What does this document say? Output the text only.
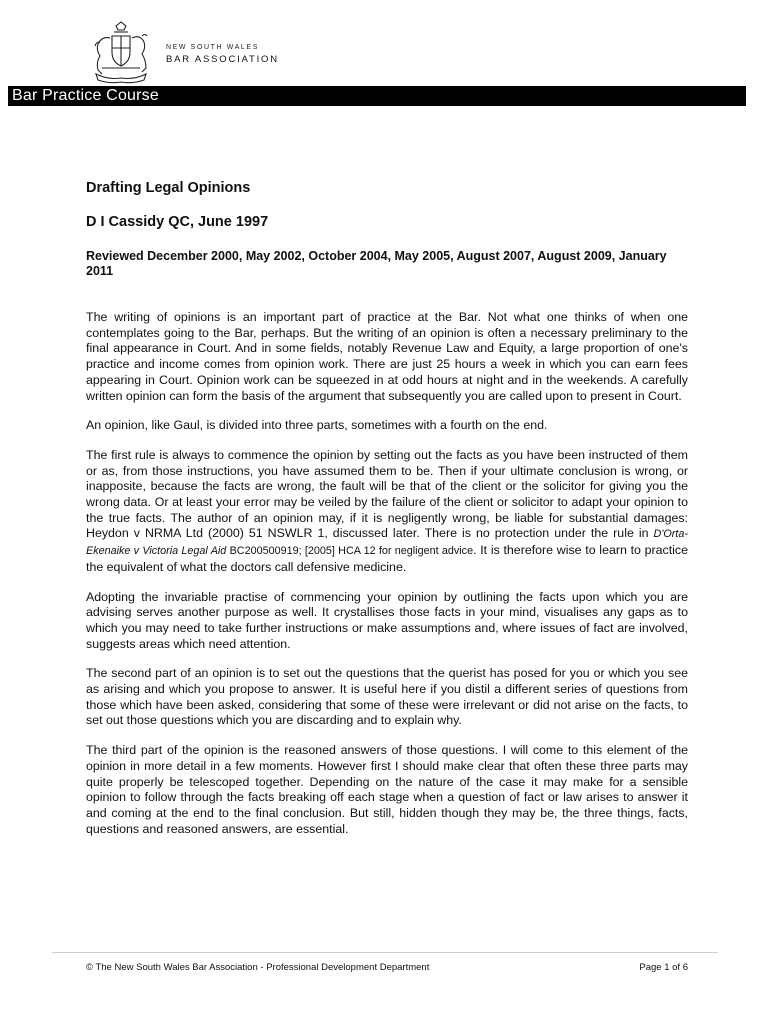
NEW SOUTH WALES
BAR ASSOCIATION
Bar Practice Course

Drafting Legal Opinions

D I Cassidy QC, June 1997

Reviewed December 2000, May 2002, October 2004, May 2005, August 2007, August 2009, January 2011

The writing of opinions is an important part of practice at the Bar. Not what one thinks of when one contemplates going to the Bar, perhaps. But the writing of an opinion is often a necessary preliminary to the final appearance in Court. And in some fields, notably Revenue Law and Equity, a large proportion of one's practice and income comes from opinion work. There are just 25 hours a week in which you can earn fees appearing in Court. Opinion work can be squeezed in at odd hours at night and in the weekends. A carefully written opinion can form the basis of the argument that subsequently you are called upon to present in Court.

An opinion, like Gaul, is divided into three parts, sometimes with a fourth on the end.

The first rule is always to commence the opinion by setting out the facts as you have been instructed of them or as, from those instructions, you have assumed them to be. Then if your ultimate conclusion is wrong, or inapposite, because the facts are wrong, the fault will be that of the client or the solicitor for giving you the wrong data. Or at least your error may be veiled by the failure of the client or solicitor to adapt your opinion to the true facts. The author of an opinion may, if it is negligently wrong, be liable for substantial damages: Heydon v NRMA Ltd (2000) 51 NSWLR 1, discussed later. There is no protection under the rule in D'Orta-Ekenaike v Victoria Legal Aid BC200500919; [2005] HCA 12 for negligent advice. It is therefore wise to learn to practice the equivalent of what the doctors call defensive medicine.

Adopting the invariable practise of commencing your opinion by outlining the facts upon which you are advising serves another purpose as well. It crystallises those facts in your mind, visualises any gaps as to which you may need to take further instructions or make assumptions and, where issues of fact are involved, suggests areas which need attention.

The second part of an opinion is to set out the questions that the querist has posed for you or which you see as arising and which you propose to answer. It is useful here if you distil a different series of questions from those which have been asked, considering that some of these were irrelevant or did not arise on the facts, to set out those questions which you are discarding and to explain why.

The third part of the opinion is the reasoned answers of those questions. I will come to this element of the opinion in more detail in a few moments. However first I should make clear that often these three parts may quite properly be telescoped together. Depending on the nature of the case it may make for a sensible opinion to follow through the facts breaking off each stage when a question of fact or law arises to answer it and coming at the end to the final conclusion. But still, hidden though they may be, the three things, facts, questions and reasoned answers, are essential.

© The New South Wales Bar Association - Professional Development Department	Page 1 of 6
